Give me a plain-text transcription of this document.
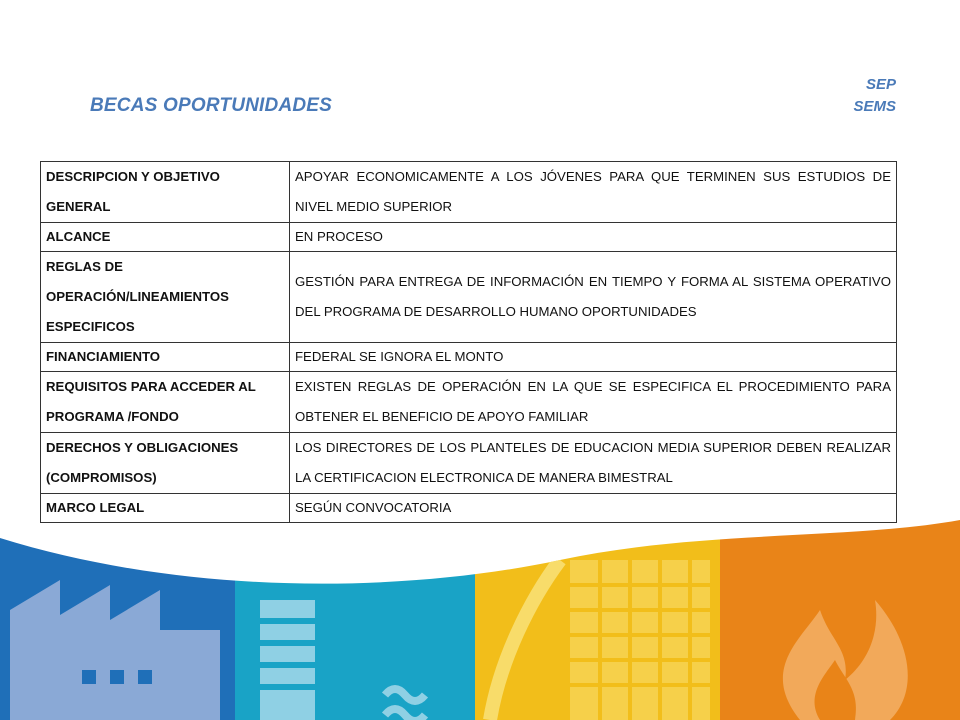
BECAS OPORTUNIDADES
SEP
SEMS
DESCRIPCION Y OBJETIVO GENERAL	APOYAR ECONOMICAMENTE A LOS JÓVENES PARA QUE TERMINEN SUS ESTUDIOS DE NIVEL MEDIO SUPERIOR
ALCANCE	EN PROCESO
REGLAS DE OPERACIÓN/LINEAMIENTOS ESPECIFICOS	GESTIÓN PARA ENTREGA DE INFORMACIÓN EN TIEMPO Y FORMA AL SISTEMA OPERATIVO DEL PROGRAMA DE DESARROLLO HUMANO OPORTUNIDADES
FINANCIAMIENTO	FEDERAL SE IGNORA EL MONTO
REQUISITOS PARA ACCEDER AL PROGRAMA /FONDO	EXISTEN REGLAS DE OPERACIÓN EN LA QUE SE ESPECIFICA EL PROCEDIMIENTO PARA OBTENER EL BENEFICIO DE APOYO FAMILIAR
DERECHOS Y OBLIGACIONES (COMPROMISOS)	LOS DIRECTORES DE LOS PLANTELES DE EDUCACION MEDIA SUPERIOR DEBEN REALIZAR LA CERTIFICACION ELECTRONICA DE MANERA BIMESTRAL
MARCO LEGAL	SEGÚN CONVOCATORIA
